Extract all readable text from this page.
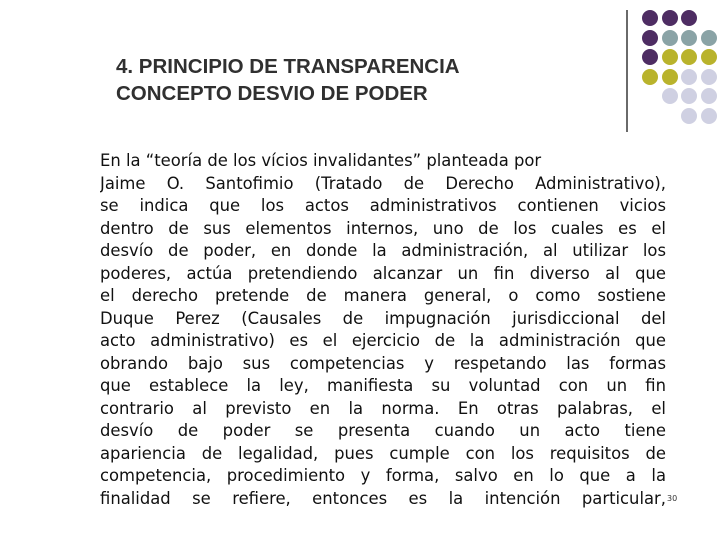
4. PRINCIPIO DE TRANSPARENCIA
CONCEPTO DESVIO DE PODER
En la “teoría de los vícios invalidantes” planteada por
Jaime O. Santofimio (Tratado de Derecho Administrativo),
se indica que los actos administrativos contienen vicios
dentro de sus elementos internos, uno de los cuales es el
desvío de poder, en donde la administración, al utilizar los
poderes, actúa pretendiendo alcanzar un fin diverso al que
el derecho pretende de manera general, o como sostiene
Duque Perez (Causales de impugnación jurisdiccional del
acto administrativo) es el ejercicio de la administración que
obrando bajo sus competencias y respetando las formas
que establece la ley, manifiesta su voluntad con un fin
contrario al previsto en la norma. En otras palabras, el
desvío de poder se presenta cuando un acto tiene
apariencia de legalidad, pues cumple con los requisitos de
competencia, procedimiento y forma, salvo en lo que a la
finalidad se refiere, entonces es la intención particular, 30
